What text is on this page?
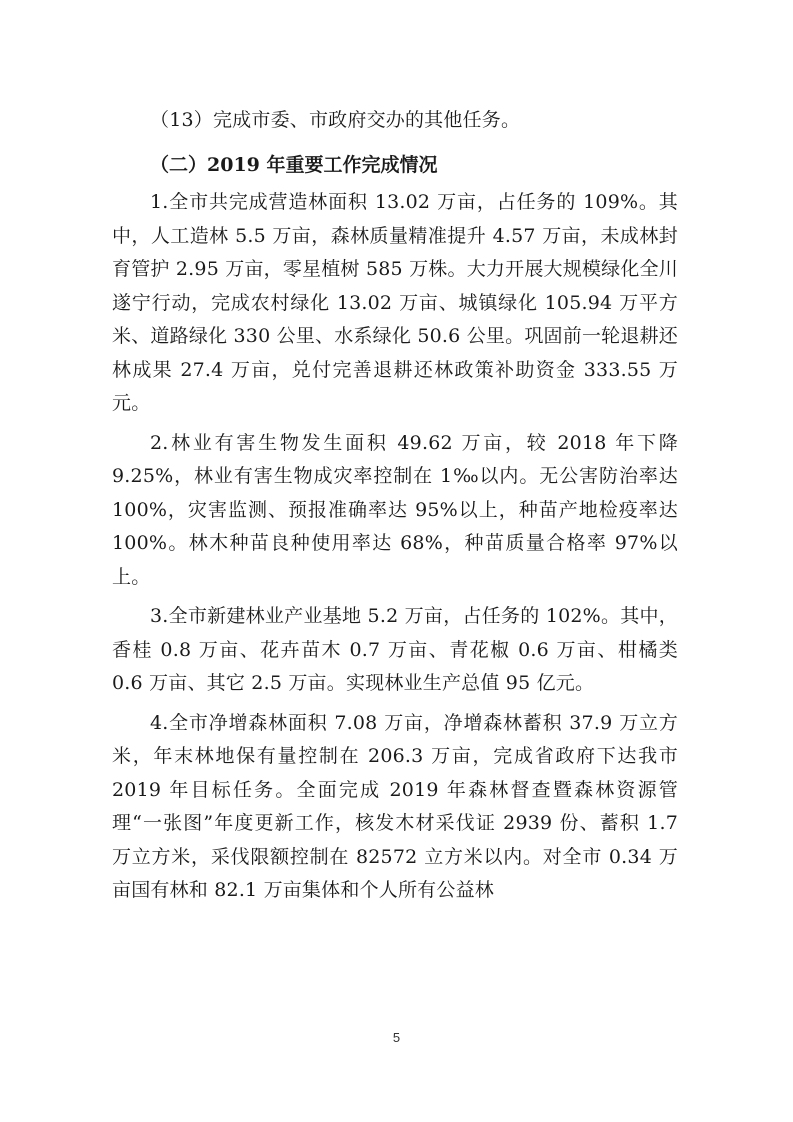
（13）完成市委、市政府交办的其他任务。

（二）2019 年重要工作完成情况

1.全市共完成营造林面积 13.02 万亩，占任务的 109%。其中，人工造林 5.5 万亩，森林质量精准提升 4.57 万亩，未成林封育管护 2.95 万亩，零星植树 585 万株。大力开展大规模绿化全川遂宁行动，完成农村绿化 13.02 万亩、城镇绿化 105.94 万平方米、道路绿化 330 公里、水系绿化 50.6 公里。巩固前一轮退耕还林成果 27.4 万亩，兑付完善退耕还林政策补助资金 333.55 万元。

2.林业有害生物发生面积 49.62 万亩，较 2018 年下降 9.25%，林业有害生物成灾率控制在 1‰以内。无公害防治率达 100%，灾害监测、预报准确率达 95%以上，种苗产地检疫率达 100%。林木种苗良种使用率达 68%，种苗质量合格率 97%以上。

3.全市新建林业产业基地 5.2 万亩，占任务的 102%。其中，香桂 0.8 万亩、花卉苗木 0.7 万亩、青花椒 0.6 万亩、柑橘类 0.6 万亩、其它 2.5 万亩。实现林业生产总值 95 亿元。

4.全市净增森林面积 7.08 万亩，净增森林蓄积 37.9 万立方米，年末林地保有量控制在 206.3 万亩，完成省政府下达我市 2019 年目标任务。全面完成 2019 年森林督查暨森林资源管理“一张图”年度更新工作，核发木材采伐证 2939 份、蓄积 1.7 万立方米，采伐限额控制在 82572 立方米以内。对全市 0.34 万亩国有林和 82.1 万亩集体和个人所有公益林

5
